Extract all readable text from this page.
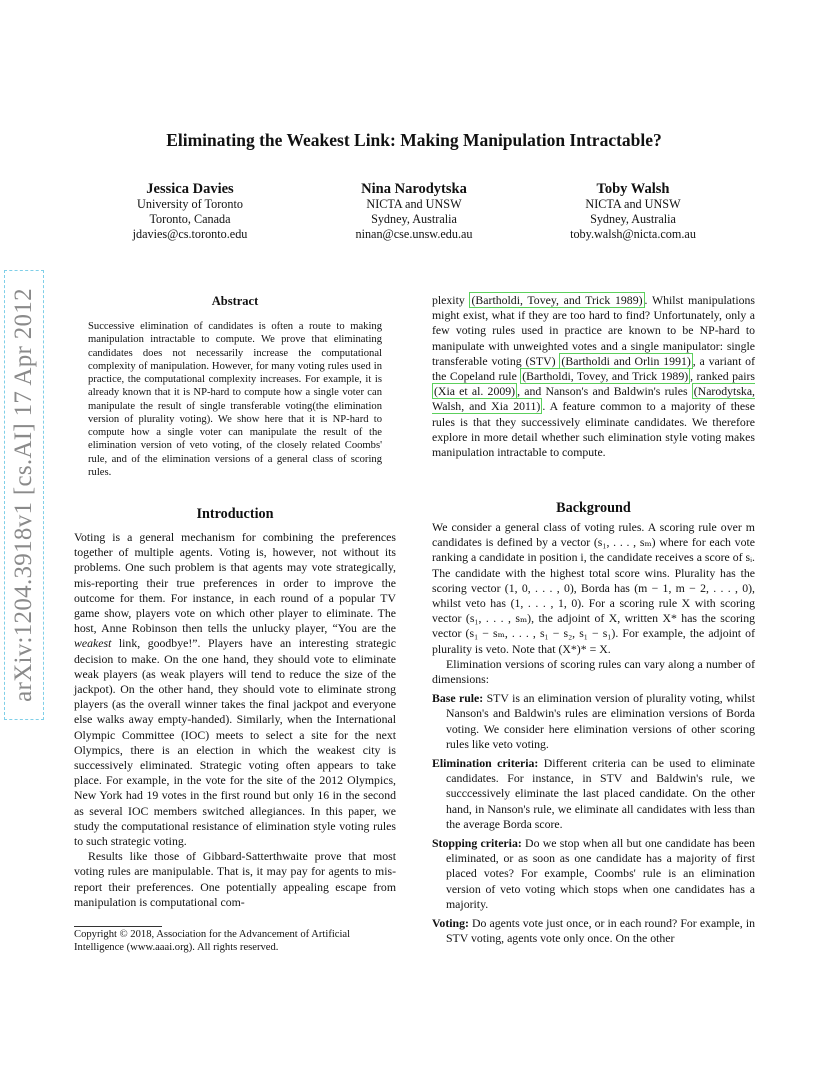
arXiv:1204.3918v1 [cs.AI] 17 Apr 2012
Eliminating the Weakest Link: Making Manipulation Intractable?
Jessica Davies
University of Toronto
Toronto, Canada
jdavies@cs.toronto.edu
Nina Narodytska
NICTA and UNSW
Sydney, Australia
ninan@cse.unsw.edu.au
Toby Walsh
NICTA and UNSW
Sydney, Australia
toby.walsh@nicta.com.au
Abstract
Successive elimination of candidates is often a route to making manipulation intractable to compute. We prove that eliminating candidates does not necessarily increase the computational complexity of manipulation. However, for many voting rules used in practice, the computational complexity increases. For example, it is already known that it is NP-hard to compute how a single voter can manipulate the result of single transferable voting(the elimination version of plurality voting). We show here that it is NP-hard to compute how a single voter can manipulate the result of the elimination version of veto voting, of the closely related Coombs' rule, and of the elimination versions of a general class of scoring rules.
Introduction

Voting is a general mechanism for combining the preferences together of multiple agents. Voting is, however, not without its problems. One such problem is that agents may vote strategically, mis-reporting their true preferences in order to improve the outcome for them. For instance, in each round of a popular TV game show, players vote on which other player to eliminate. The host, Anne Robinson then tells the unlucky player, “You are the weakest link, goodbye!”. Players have an interesting strategic decision to make. On the one hand, they should vote to eliminate weak players (as weak players will tend to reduce the size of the jackpot). On the other hand, they should vote to eliminate strong players (as the overall winner takes the final jackpot and everyone else walks away empty-handed). Similarly, when the International Olympic Committee (IOC) meets to select a site for the next Olympics, there is an election in which the weakest city is successively eliminated. Strategic voting often appears to take place. For example, in the vote for the site of the 2012 Olympics, New York had 19 votes in the first round but only 16 in the second as several IOC members switched allegiances. In this paper, we study the computational resistance of elimination style voting rules to such strategic voting.

Results like those of Gibbard-Satterthwaite prove that most voting rules are manipulable. That is, it may pay for agents to mis-report their preferences. One potentially appealing escape from manipulation is computational com-

Copyright © 2018, Association for the Advancement of Artificial Intelligence (www.aaai.org). All rights reserved.

plexity (Bartholdi, Tovey, and Trick 1989) . Whilst manipulations might exist, what if they are too hard to find? Unfortunately, only a few voting rules used in practice are known to be NP-hard to manipulate with unweighted votes and a single manipulator: single transferable voting (STV) (Bartholdi and Orlin 1991) , a variant of the Copeland rule (Bartholdi, Tovey, and Trick 1989) , ranked pairs (Xia et al. 2009) , and Nanson's and Baldwin's rules (Narodytska, Walsh, and Xia 2011) . A feature common to a majority of these rules is that they successively eliminate candidates. We therefore explore in more detail whether such elimination style voting makes manipulation intractable to compute.

Background

We consider a general class of voting rules. A scoring rule over m candidates is defined by a vector (s₁, . . . , sₘ) where for each vote ranking a candidate in position i, the candidate receives a score of sᵢ. The candidate with the highest total score wins. Plurality has the scoring vector (1, 0, . . . , 0), Borda has (m − 1, m − 2, . . . , 0), whilst veto has (1, . . . , 1, 0). For a scoring rule X with scoring vector (s₁, . . . , sₘ), the adjoint of X, written X* has the scoring vector (s₁ − sₘ, . . . , s₁ − s₂, s₁ − s₁). For example, the adjoint of plurality is veto. Note that (X*)* = X.

Elimination versions of scoring rules can vary along a number of dimensions:

Base rule: STV is an elimination version of plurality voting, whilst Nanson's and Baldwin's rules are elimination versions of Borda voting. We consider here elimination versions of other scoring rules like veto voting.
Elimination criteria: Different criteria can be used to eliminate candidates. For instance, in STV and Baldwin's rule, we succcessively eliminate the last placed candidate. On the other hand, in Nanson's rule, we eliminate all candidates with less than the average Borda score.
Stopping criteria: Do we stop when all but one candidate has been eliminated, or as soon as one candidate has a majority of first placed votes? For example, Coombs' rule is an elimination version of veto voting which stops when one candidates has a majority.
Voting: Do agents vote just once, or in each round? For example, in STV voting, agents vote only once. On the other
